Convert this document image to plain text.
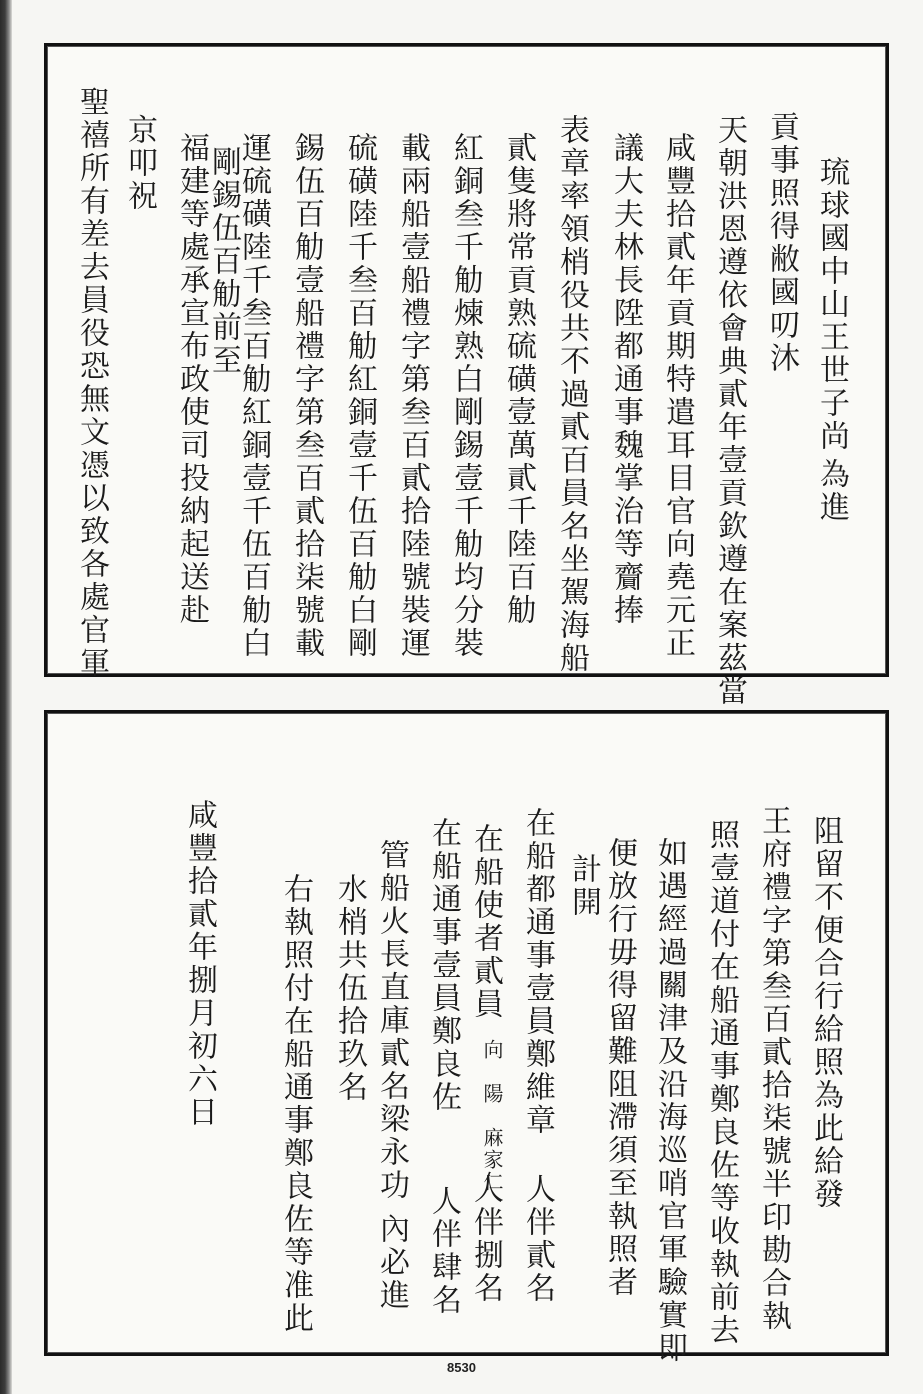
琉球國中山王世子尚
為進
貢事照得敝國叨沐
天朝洪恩遵依會典貳年壹貢欽遵在案茲當
咸豐拾貳年貢期特遣耳目官向堯元正
議大夫林長陞都通事魏掌治等齎捧
表章率領梢役共不過貳百員名坐駕海船
貳隻將常貢熟硫磺壹萬貳千陸百觔
紅銅叁千觔煉熟白剛錫壹千觔均分裝
載兩船壹船禮字第叁百貳拾陸號裝運
硫磺陸千叁百觔紅銅壹千伍百觔白剛
錫伍百觔壹船禮字第叁百貳拾柒號載
運硫磺陸千叁百觔紅銅壹千伍百觔白
剛錫伍百觔前至
福建等處承宣布政使司投納起送赴
京叩祝
聖禧所有差去員役恐無文憑以致各處官軍
阻留不便合行給照為此給發
王府禮字第叁百貳拾柒號半印勘合執
照壹道付在船通事鄭良佐等收執前去
如遇經過關津及沿海巡哨官軍驗實即
便放行毋得留難阻滯須至執照者
計開
在船都通事壹員鄭維章
人伴貳名
在船使者貳員
向　陽　麻家仁
人伴捌名
在船通事壹員鄭良佐
人伴肆名
管船火長直庫貳名梁永功
內必進
水梢共伍拾玖名
右執照付在船通事鄭良佐等准此
咸豐拾貳年捌月初六日
8530
